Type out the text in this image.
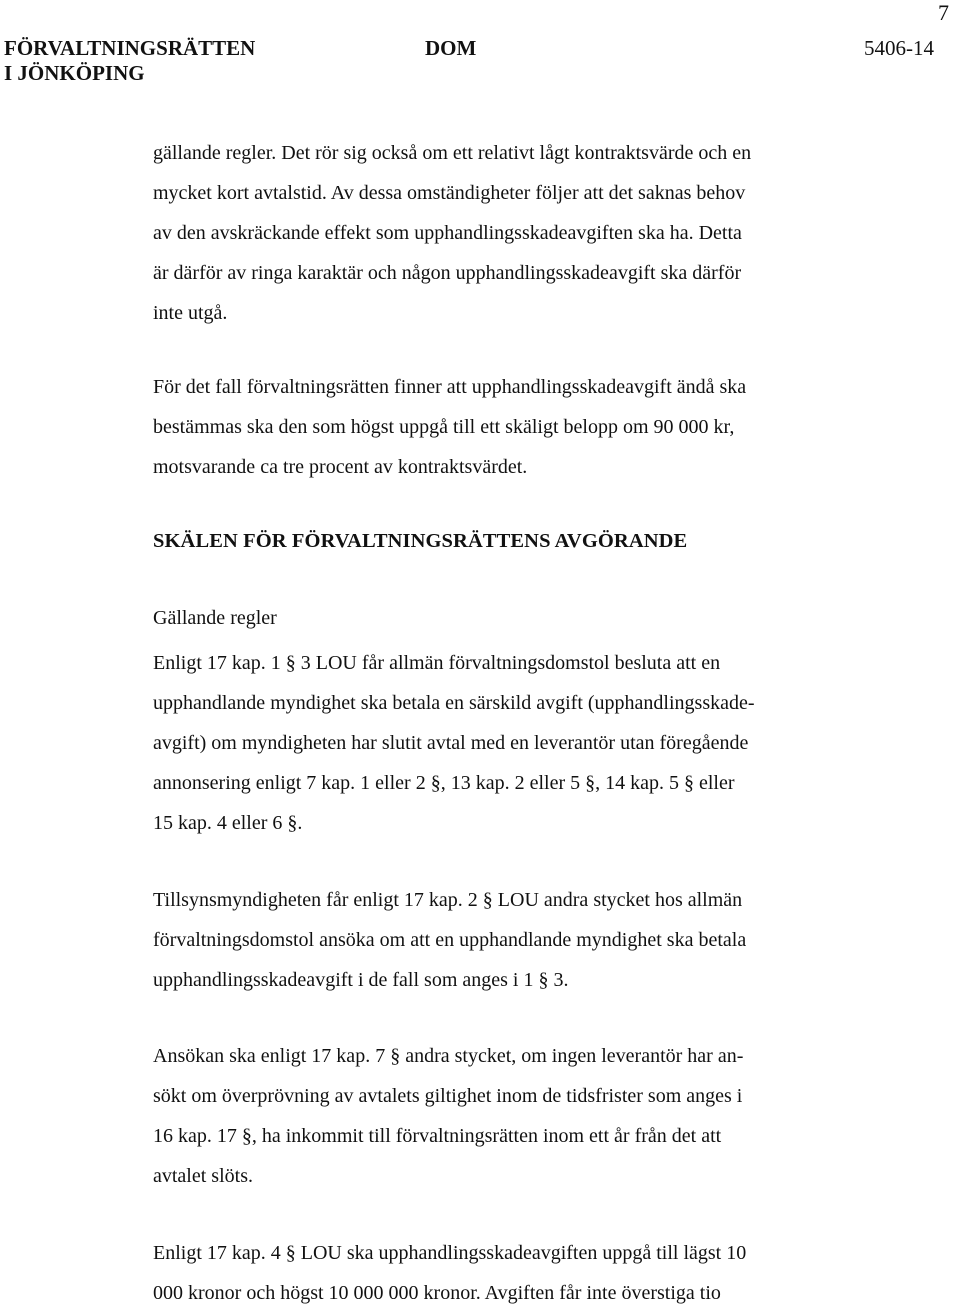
7
FÖRVALTNINGSRÄTTEN
I JÖNKÖPING
DOM	5406-14
gällande regler. Det rör sig också om ett relativt lågt kontraktsvärde och en
mycket kort avtalstid. Av dessa omständigheter följer att det saknas behov
av den avskräckande effekt som upphandlingsskadeavgiften ska ha. Detta
är därför av ringa karaktär och någon upphandlingsskadeavgift ska därför
inte utgå.
För det fall förvaltningsrätten finner att upphandlingsskadeavgift ändå ska
bestämmas ska den som högst uppgå till ett skäligt belopp om 90 000 kr,
motsvarande ca tre procent av kontraktsvärdet.
SKÄLEN FÖR FÖRVALTNINGSRÄTTENS AVGÖRANDE
Gällande regler
Enligt 17 kap. 1 § 3 LOU får allmän förvaltningsdomstol besluta att en
upphandlande myndighet ska betala en särskild avgift (upphandlingsskade-
avgift) om myndigheten har slutit avtal med en leverantör utan föregående
annonsering enligt 7 kap. 1 eller 2 §, 13 kap. 2 eller 5 §, 14 kap. 5 § eller
15 kap. 4 eller 6 §.
Tillsynsmyndigheten får enligt 17 kap. 2 § LOU andra stycket hos allmän
förvaltningsdomstol ansöka om att en upphandlande myndighet ska betala
upphandlingsskadeavgift i de fall som anges i 1 § 3.
Ansökan ska enligt 17 kap. 7 § andra stycket, om ingen leverantör har an-
sökt om överprövning av avtalets giltighet inom de tidsfrister som anges i
16 kap. 17 §, ha inkommit till förvaltningsrätten inom ett år från det att
avtalet slöts.
Enligt 17 kap. 4 § LOU ska upphandlingsskadeavgiften uppgå till lägst 10
000 kronor och högst 10 000 000 kronor. Avgiften får inte överstiga tio
